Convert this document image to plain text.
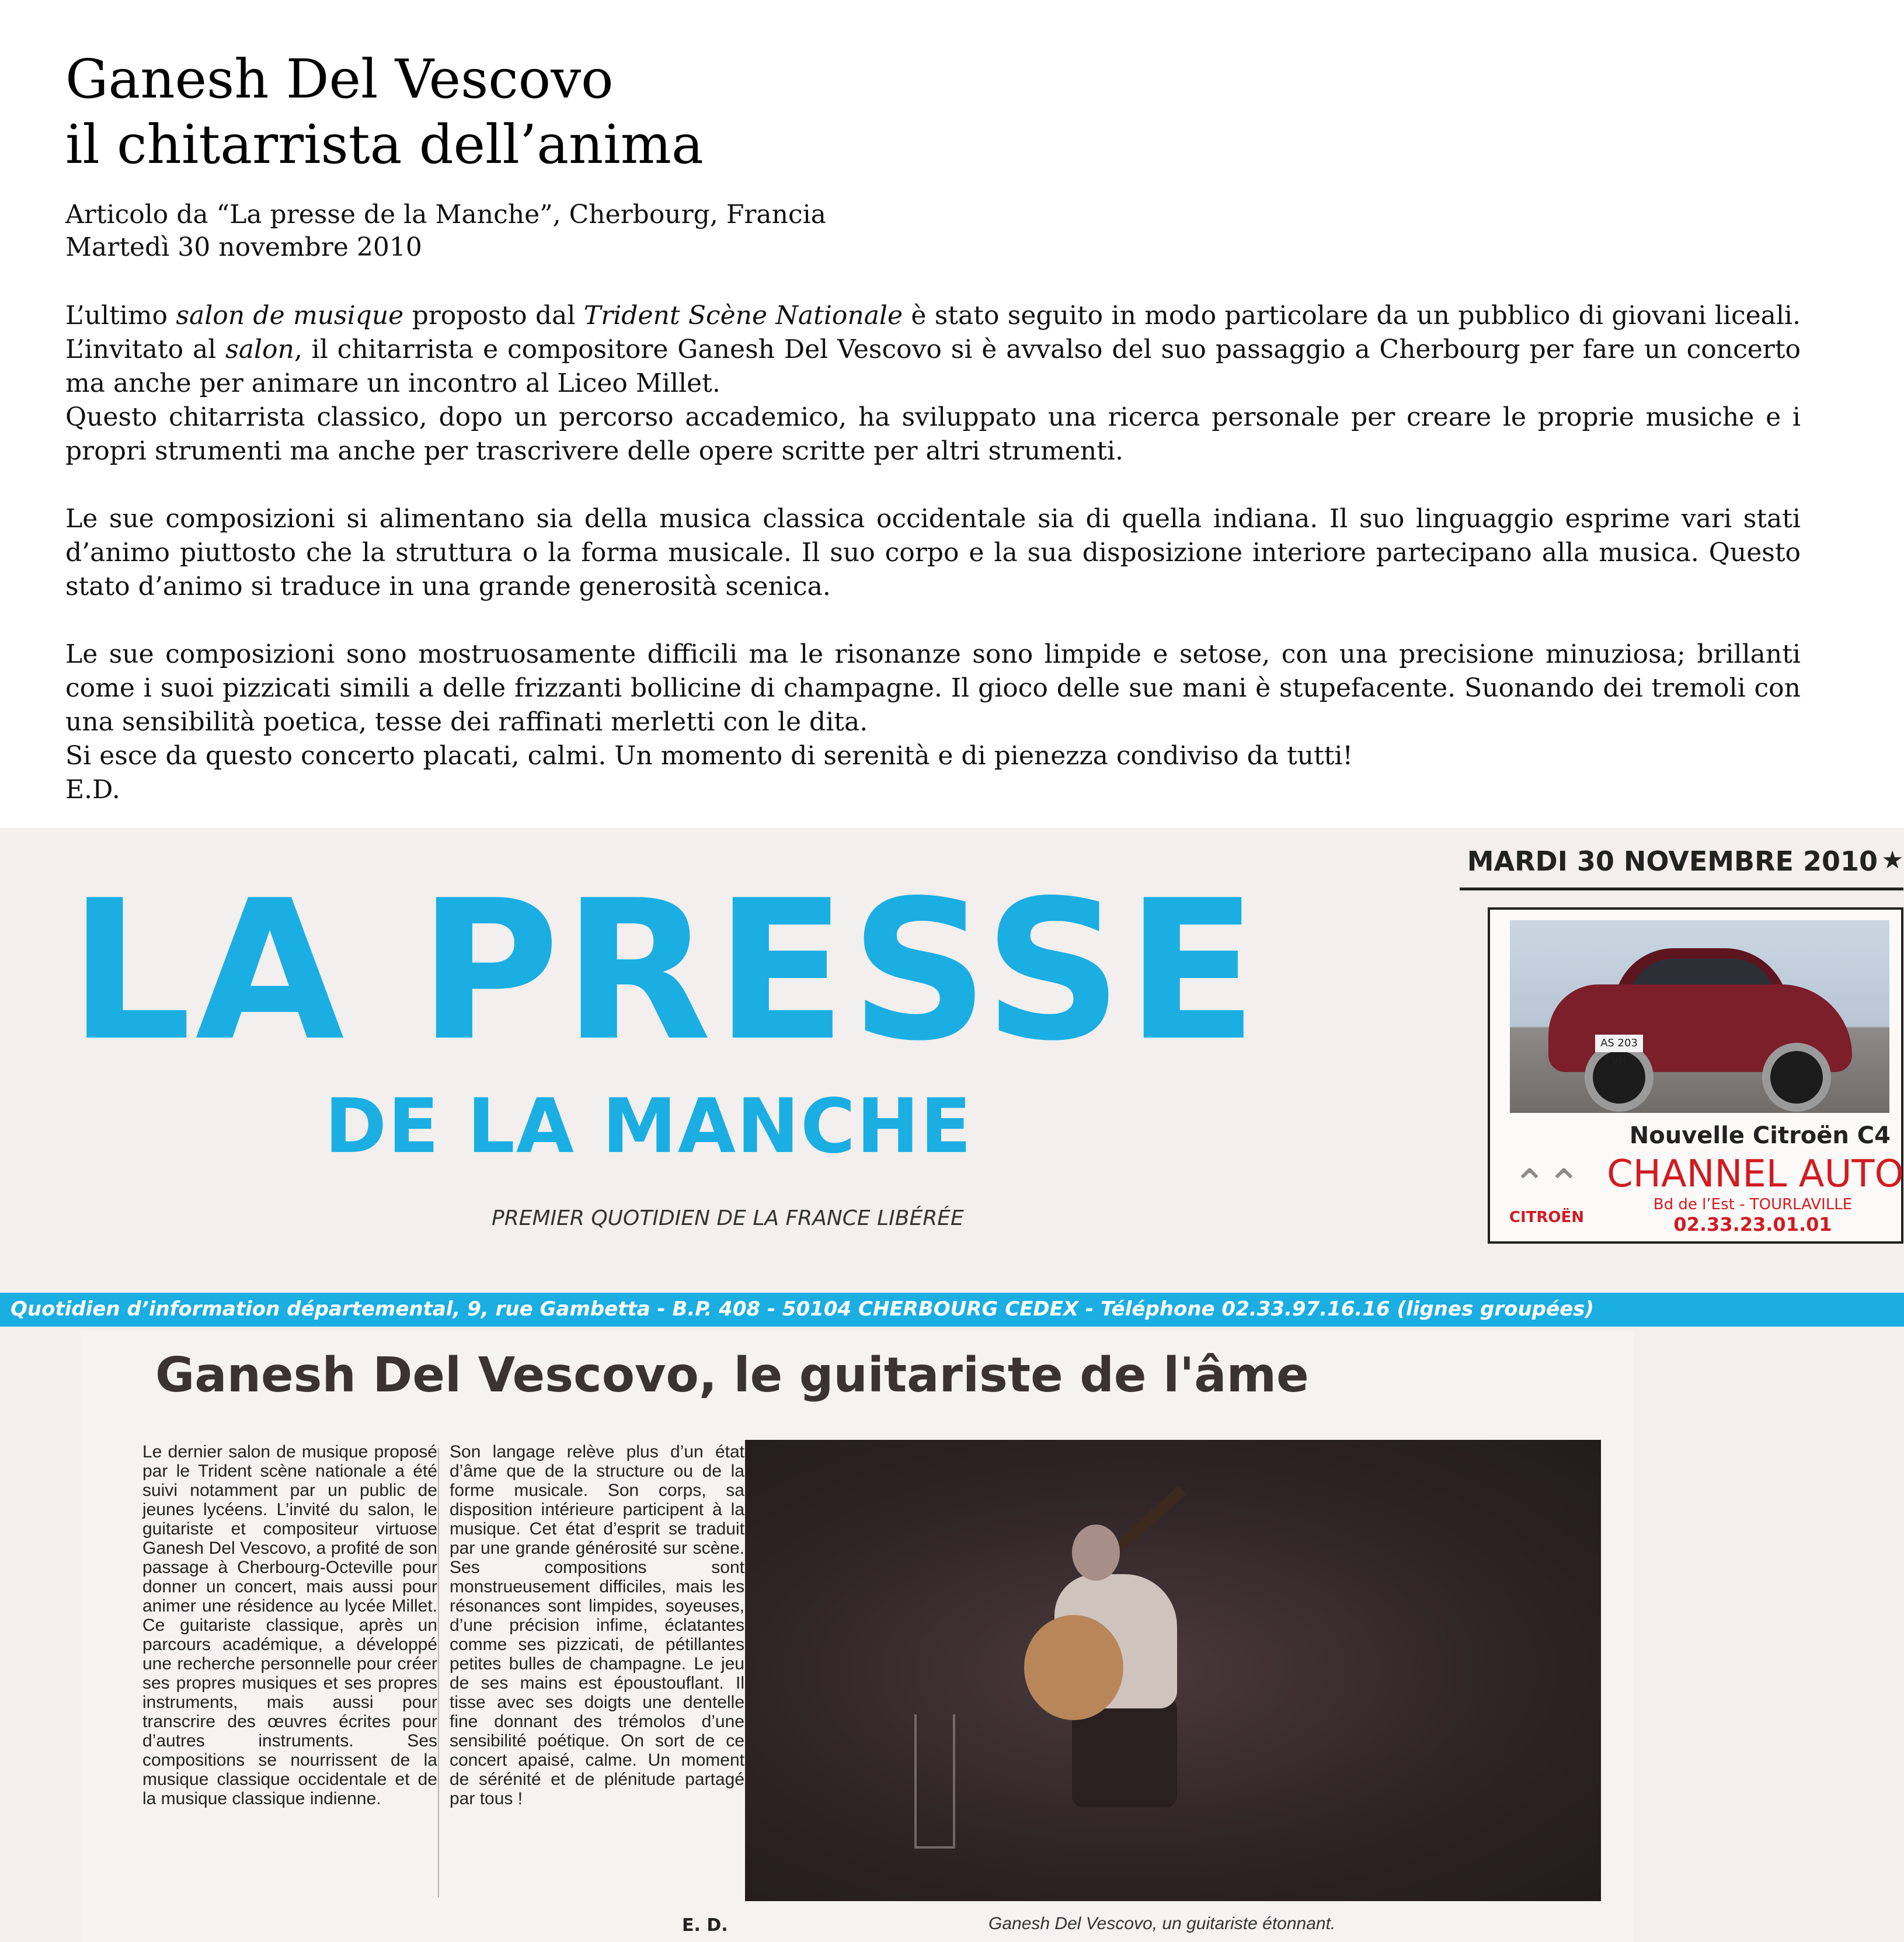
Ganesh Del Vescovo
il chitarrista dell’anima
Articolo da “La presse de la Manche”, Cherbourg, Francia
Martedì 30 novembre 2010

L’ultimo salon de musique proposto dal Trident Scène Nationale è stato seguito in modo particolare da un pubblico di giovani liceali. L’invitato al salon, il chitarrista e compositore Ganesh Del Vescovo si è avvalso del suo passaggio a Cherbourg per fare un concerto ma anche per animare un incontro al Liceo Millet.

Questo chitarrista classico, dopo un percorso accademico, ha sviluppato una ricerca personale per creare le proprie musiche e i propri strumenti ma anche per trascrivere delle opere scritte per altri strumenti.

Le sue composizioni si alimentano sia della musica classica occidentale sia di quella indiana. Il suo linguaggio esprime vari stati d’animo piuttosto che la struttura o la forma musicale. Il suo corpo e la sua disposizione interiore partecipano alla musica. Questo stato d’animo si traduce in una grande generosità scenica.

Le sue composizioni sono mostruosamente difficili ma le risonanze sono limpide e setose, con una precisione minuziosa; brillanti come i suoi pizzicati simili a delle frizzanti bollicine di champagne. Il gioco delle sue mani è stupefacente. Suonando dei tremoli con una sensibilità poetica, tesse dei raffinati merletti con le dita.

Si esce da questo concerto placati, calmi. Un momento di serenità e di pienezza condiviso da tutti!

E.D.

LA PRESSE
DE LA MANCHE
PREMIER QUOTIDIEN DE LA FRANCE LIBÉRÉE
MARDI 30 NOVEMBRE 2010 ★
AS 203 VH
Nouvelle Citroën C4
⌃⌃
CITROËN
CHANNEL AUTO
Bd de l’Est - TOURLAVILLE
02.33.23.01.01
Quotidien d’information départemental, 9, rue Gambetta - B.P. 408 - 50104 CHERBOURG CEDEX - Téléphone 02.33.97.16.16 (lignes groupées)
Ganesh Del Vescovo, le guitariste de l'âme
Le dernier salon de musique proposé par le Trident scène nationale a été suivi notamment par un public de jeunes lycéens. L’invité du salon, le guitariste et compositeur virtuose Ganesh Del Vescovo, a profité de son passage à Cherbourg-Octeville pour donner un concert, mais aussi pour animer une résidence au lycée Millet. Ce guitariste classique, après un parcours académique, a développé une recherche personnelle pour créer ses propres musiques et ses propres instruments, mais aussi pour transcrire des œuvres écrites pour d’autres instruments. Ses compositions se nourrissent de la musique classique occidentale et de la musique classique indienne.
Son langage relève plus d’un état d’âme que de la structure ou de la forme musicale. Son corps, sa disposition intérieure participent à la musique. Cet état d’esprit se traduit par une grande générosité sur scène. Ses compositions sont monstrueusement difficiles, mais les résonances sont limpides, soyeuses, d’une précision infime, éclatantes comme ses pizzicati, de pétillantes petites bulles de champagne. Le jeu de ses mains est époustouflant. Il tisse avec ses doigts une dentelle fine donnant des trémolos d’une sensibilité poétique. On sort de ce concert apaisé, calme. Un moment de sérénité et de plénitude partagé par tous !
E. D.	Ganesh Del Vescovo, un guitariste étonnant.
